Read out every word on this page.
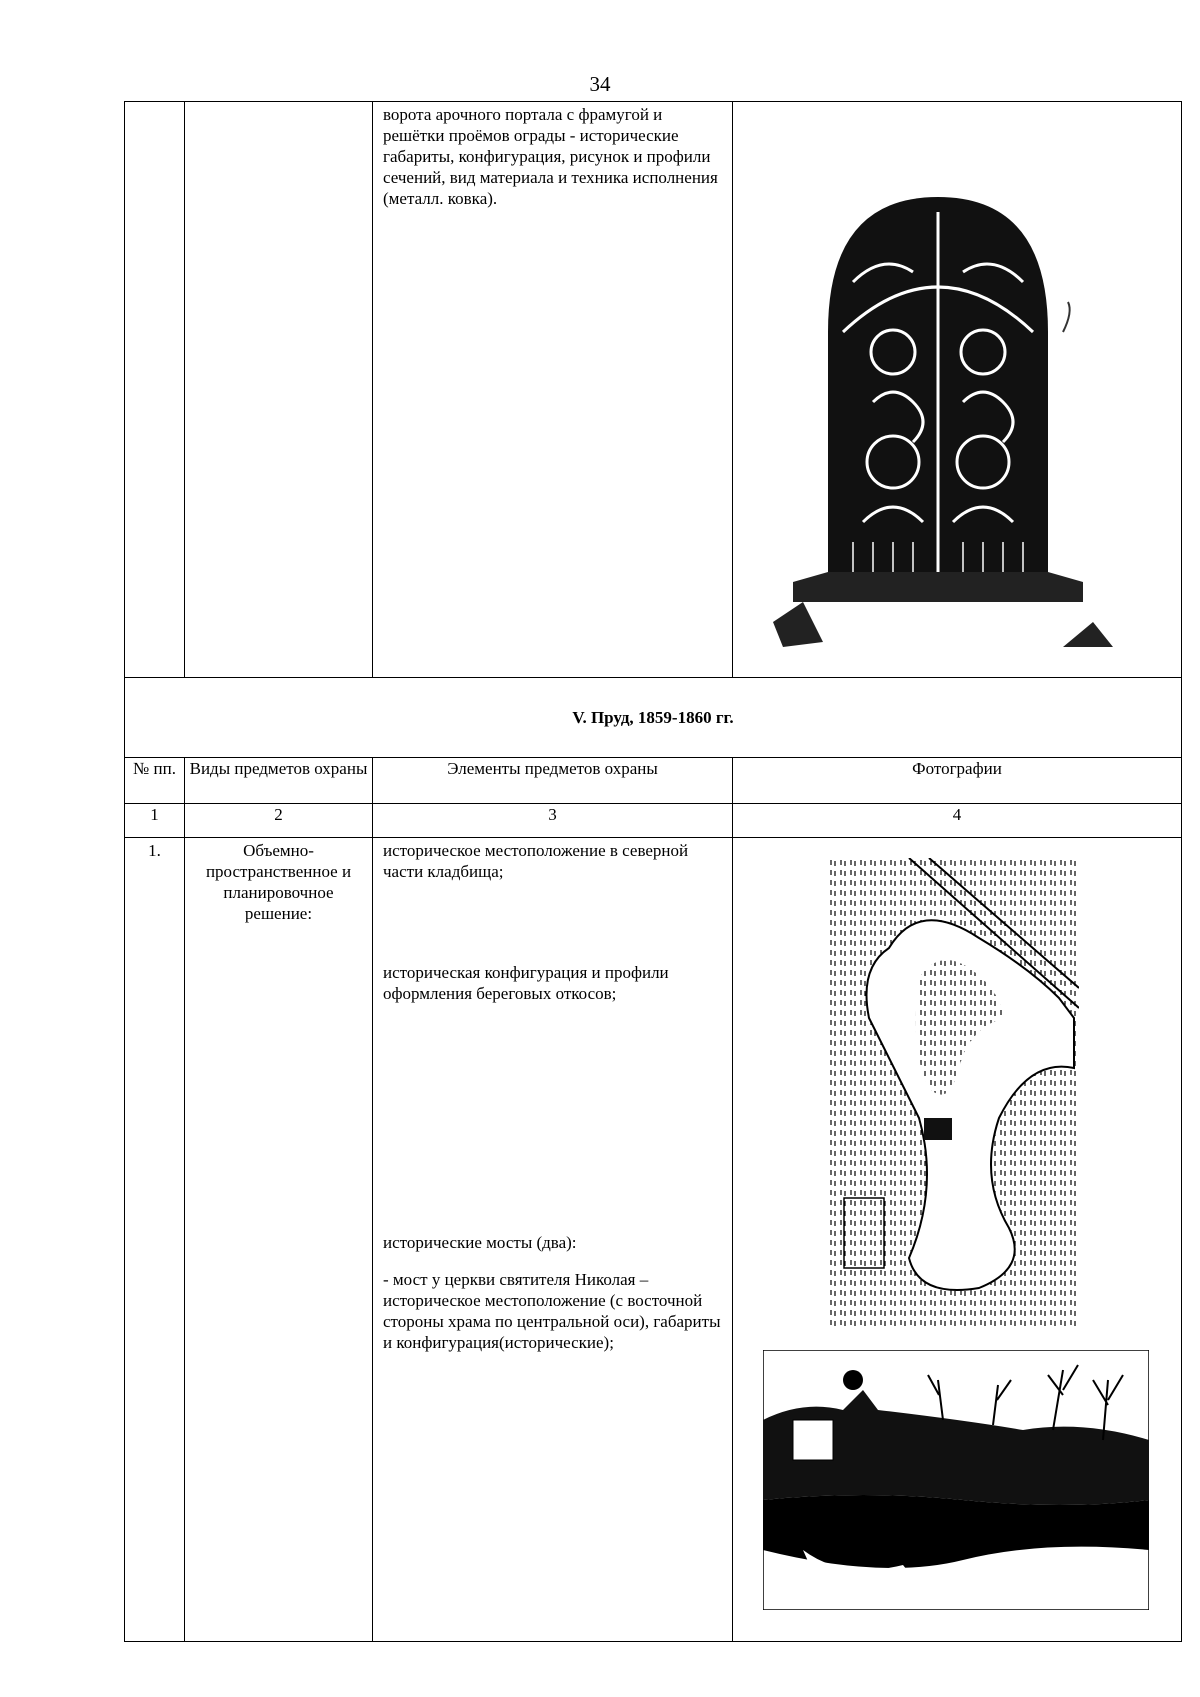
34

		ворота арочного портала с фрамугой и решётки проёмов ограды - исторические габариты, конфигурация, рисунок и профили сечений, вид материала и техника исполнения (металл. ковка).

V. Пруд, 1859-1860 гг.			
№ пп.	Виды предметов охраны	Элементы предметов охраны	Фотографии
1	2	3	4

1.	Объемно-пространственное и планировочное решение:	историческое местоположение в северной части кладбища;
историческая конфигурация и профили оформления береговых откосов;
исторические мосты (два):
- мост у церкви святителя Николая – историческое местоположение (с восточной стороны храма по центральной оси), габариты и конфигурация(исторические);
